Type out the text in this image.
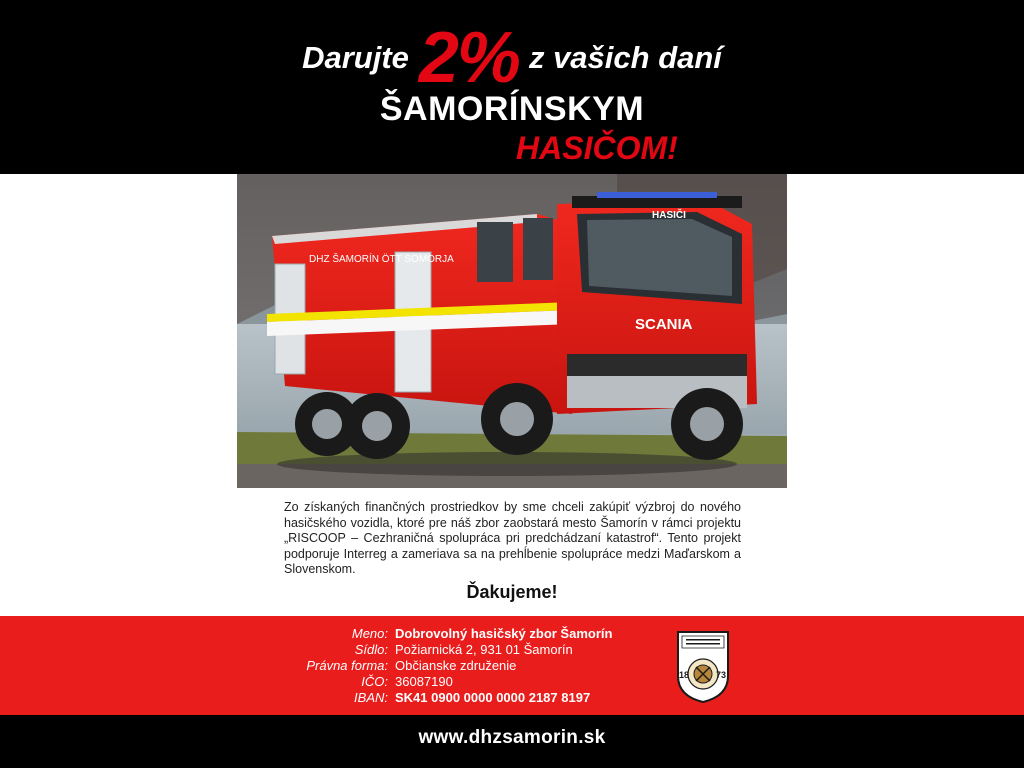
Darujte 2% z vašich daní
ŠAMORÍNSKYM
HASIČOM!
DHZ ŠAMORÍN ÖTT SOMORJA
HASIČI
SCANIA
Zo získaných finančných prostriedkov by sme chceli zakúpiť výzbroj do nového hasičského vozidla, ktoré pre náš zbor zaobstará mesto Šamorín v rámci projektu „RISCOOP – Cezhraničná spolupráca pri predchádzaní katastrof“. Tento projekt podporuje Interreg a zameriava sa na prehĺbenie spolupráce medzi Maďarskom a Slovenskom.
Ďakujeme!
Meno: Dobrovolný hasičský zbor Šamorín
Sídlo: Požiarnická 2, 931 01 Šamorín
Právna forma: Občianske združenie
IČO: 36087190
IBAN: SK41 0900 0000 0000 2187 8197
18	73
www.dhzsamorin.sk
